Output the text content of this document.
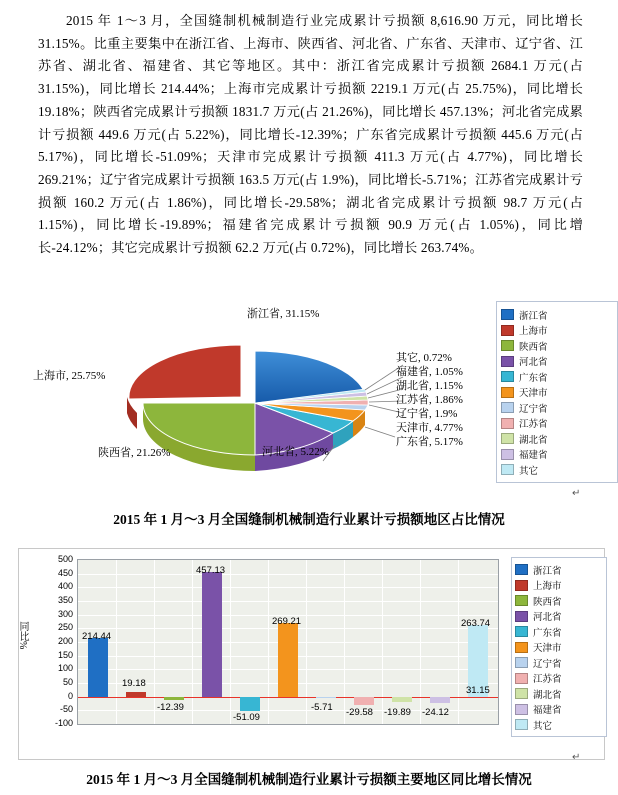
2015 年 1～3 月，全国缝制机械制造行业完成累计亏损额 8,616.90 万元，同比增长 31.15%。比重主要集中在浙江省、上海市、陕西省、河北省、广东省、天津市、辽宁省、江苏省、湖北省、福建省、其它等地区。其中：浙江省完成累计亏损额 2684.1 万元(占 31.15%)，同比增长 214.44%；上海市完成累计亏损额 2219.1 万元(占 25.75%)，同比增长 19.18%；陕西省完成累计亏损额 1831.7 万元(占 21.26%)，同比增长 457.13%；河北省完成累计亏损额 449.6 万元(占 5.22%)，同比增长-12.39%；广东省完成累计亏损额 445.6 万元(占 5.17%)，同比增长-51.09%；天津市完成累计亏损额 411.3 万元(占 4.77%)，同比增长 269.21%；辽宁省完成累计亏损额 163.5 万元(占 1.9%)，同比增长-5.71%；江苏省完成累计亏损额 160.2 万元(占 1.86%)，同比增长-29.58%；湖北省完成累计亏损额 98.7 万元(占 1.15%)，同比增长-19.89%；福建省完成累计亏损额 90.9 万元(占 1.05%)，同比增长-24.12%；其它完成累计亏损额 62.2 万元(占 0.72%)，同比增长 263.74%。
浙江省, 31.15%
上海市, 25.75%
陕西省, 21.26%	河北省, 5.22%
广东省, 5.17%
天津市, 4.77%
辽宁省, 1.9%
江苏省, 1.86%
湖北省, 1.15%
福建省, 1.05%
其它, 0.72%
浙江省
上海市
陕西省
河北省
广东省
天津市
辽宁省
江苏省
湖北省
福建省
其它
↵
2015 年 1 月～3 月全国缝制机械制造行业累计亏损额地区占比情况
同比%
500
450
400
350
300
250
200
150
100
50
0
-50
-100
214.44
19.18
-12.39
457.13
-51.09
269.21
-5.71 -29.58 -19.89 -24.12
263.74
31.15
浙江省
上海市
陕西省
河北省
广东省
天津市
辽宁省
江苏省
湖北省
福建省
其它
↵
2015 年 1 月～3 月全国缝制机械制造行业累计亏损额主要地区同比增长情况
